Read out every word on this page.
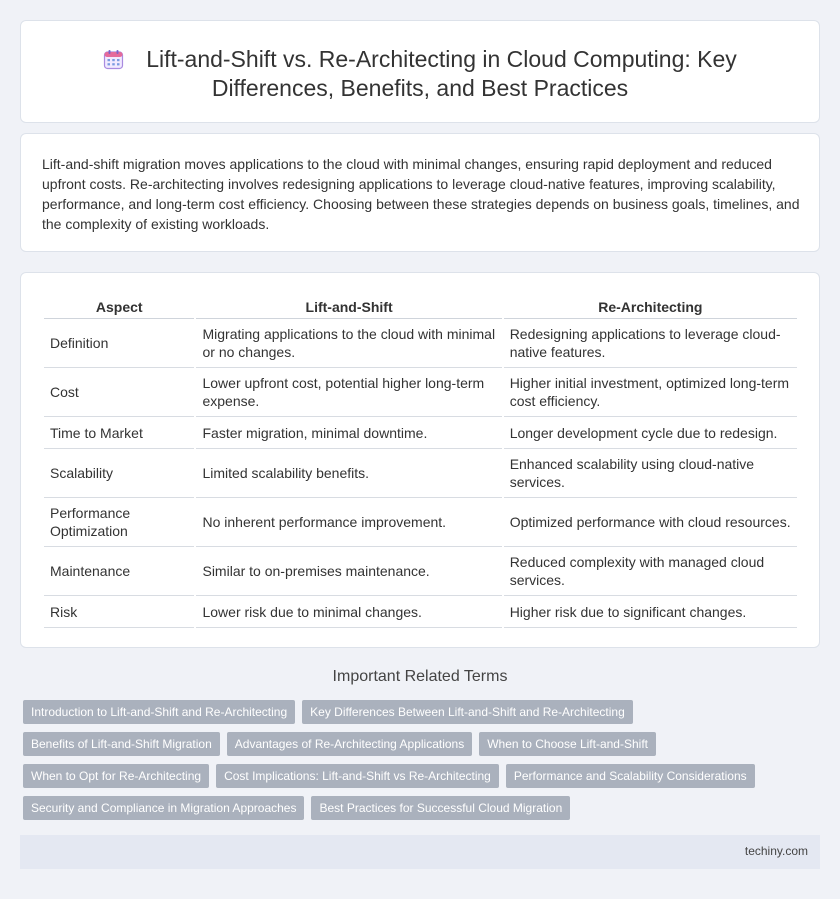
Lift-and-Shift vs. Re-Architecting in Cloud Computing: Key
Differences, Benefits, and Best Practices

Lift-and-shift migration moves applications to the cloud with minimal changes, ensuring rapid deployment and reduced upfront costs. Re-architecting involves redesigning applications to leverage cloud-native features, improving scalability, performance, and long-term cost efficiency. Choosing between these strategies depends on business goals, timelines, and the complexity of existing workloads.

Aspect	Lift-and-Shift	Re-Architecting
Definition	Migrating applications to the cloud with minimal or no changes.	Redesigning applications to leverage cloud-native features.
Cost	Lower upfront cost, potential higher long-term expense.	Higher initial investment, optimized long-term cost efficiency.
Time to Market	Faster migration, minimal downtime.	Longer development cycle due to redesign.
Scalability	Limited scalability benefits.	Enhanced scalability using cloud-native services.
Performance Optimization	No inherent performance improvement.	Optimized performance with cloud resources.
Maintenance	Similar to on-premises maintenance.	Reduced complexity with managed cloud services.
Risk	Lower risk due to minimal changes.	Higher risk due to significant changes.
Important Related Terms
Introduction to Lift-and-Shift and Re-Architecting	Key Differences Between Lift-and-Shift and Re-Architecting
Benefits of Lift-and-Shift Migration	Advantages of Re-Architecting Applications	When to Choose Lift-and-Shift
When to Opt for Re-Architecting	Cost Implications: Lift-and-Shift vs Re-Architecting	Performance and Scalability Considerations
Security and Compliance in Migration Approaches	Best Practices for Successful Cloud Migration
techiny.com
